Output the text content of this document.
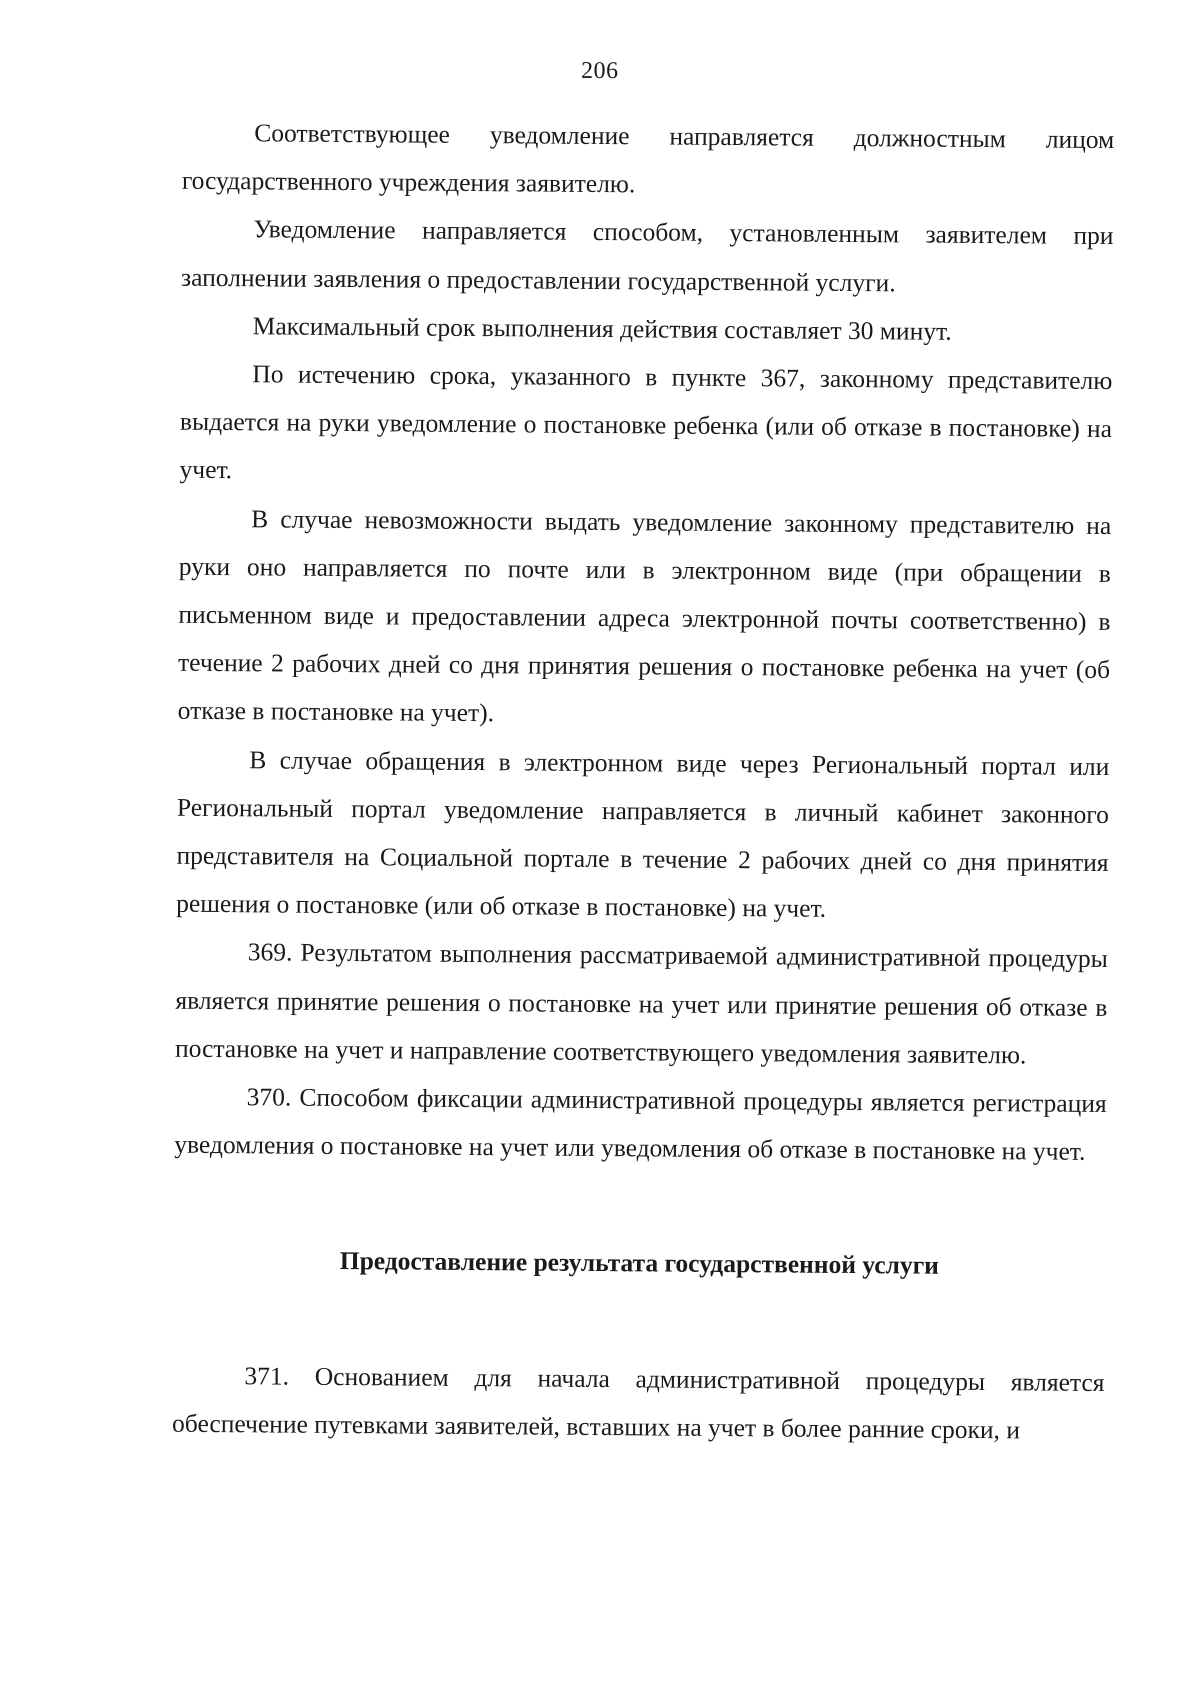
206

Соответствующее уведомление направляется должностным лицом государственного учреждения заявителю.

Уведомление направляется способом, установленным заявителем при заполнении заявления о предоставлении государственной услуги.

Максимальный срок выполнения действия составляет 30 минут.

По истечению срока, указанного в пункте 367, законному представителю выдается на руки уведомление о постановке ребенка (или об отказе в постановке) на учет.

В случае невозможности выдать уведомление законному представителю на руки оно направляется по почте или в электронном виде (при обращении в письменном виде и предоставлении адреса электронной почты соответственно) в течение 2 рабочих дней со дня принятия решения о постановке ребенка на учет (об отказе в постановке на учет).

В случае обращения в электронном виде через Региональный портал или Региональный портал уведомление направляется в личный кабинет законного представителя на Социальной портале в течение 2 рабочих дней со дня принятия решения о постановке (или об отказе в постановке) на учет.

369. Результатом выполнения рассматриваемой административной процедуры является принятие решения о постановке на учет или принятие решения об отказе в постановке на учет и направление соответствующего уведомления заявителю.

370. Способом фиксации административной процедуры является регистрация уведомления о постановке на учет или уведомления об отказе в постановке на учет.

Предоставление результата государственной услуги

371. Основанием для начала административной процедуры является обеспечение путевками заявителей, вставших на учет в более ранние сроки, и
